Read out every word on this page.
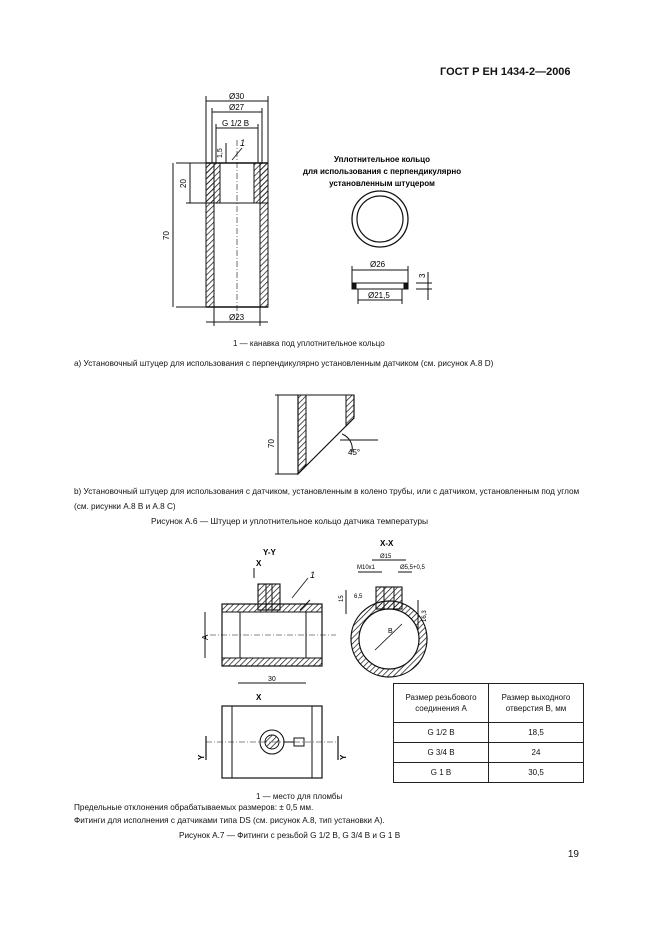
ГОСТ Р ЕН 1434-2—2006
Ø30
Ø27
G 1/2 B
1,5
1
20
70
Ø23
Уплотнительное кольцо
для использования с перпендикулярно
установленным штуцером
Ø26
3
Ø21,5
70
45°
Y-Y
X-X
X
X
A
1
30
Ø15
M10x1	Ø5,5+0,5
15 6,5
16,3
B
Y	Y
1 — канавка под уплотнительное кольцо
а) Установочный штуцер для использования с перпендикулярно установленным датчиком (см. рисунок А.8 D)
b) Установочный штуцер для использования с датчиком, установленным в колено трубы, или с датчиком, установленным под углом (см. рисунки А.8 В и А.8 С)
Рисунок А.6 — Штуцер и уплотнительное кольцо датчика температуры
Размер резьбового соединения A	Размер выходного отверстия B, мм
G 1/2 B	18,5
G 3/4 B	24
G 1 B	30,5
1 — место для пломбы
Предельные отклонения обрабатываемых размеров: ± 0,5 мм.
Фитинги для исполнения с датчиками типа DS (см. рисунок А.8, тип установки А).
Рисунок А.7 — Фитинги с резьбой G 1/2 B, G 3/4 B и G 1 B
19
